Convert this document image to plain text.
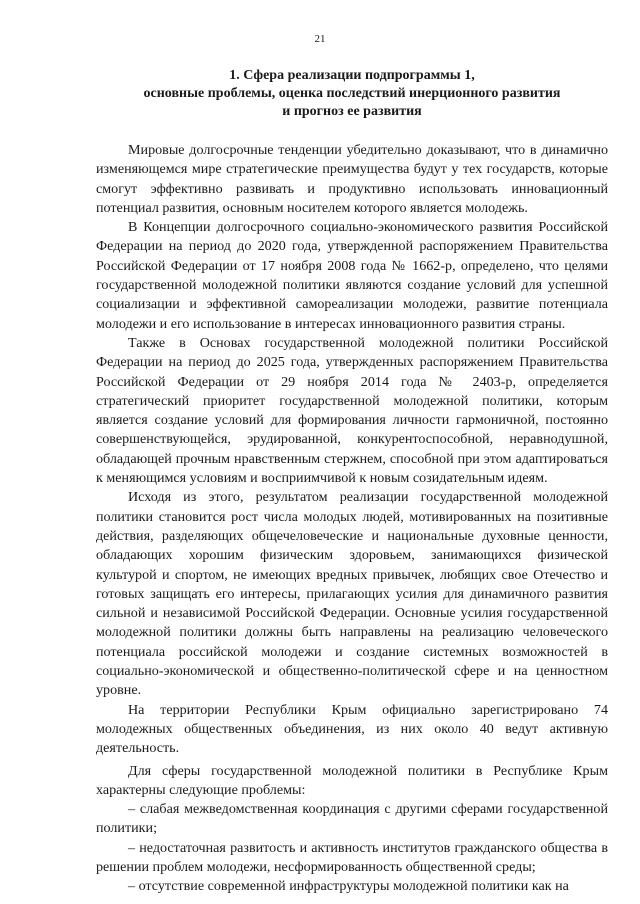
21
1. Сфера реализации подпрограммы 1,
основные проблемы, оценка последствий инерционного развития
и прогноз ее развития

Мировые долгосрочные тенденции убедительно доказывают, что в динамично изменяющемся мире стратегические преимущества будут у тех государств, которые смогут эффективно развивать и продуктивно использовать инновационный потенциал развития, основным носителем которого является молодежь.

В Концепции долгосрочного социально-экономического развития Российской Федерации на период до 2020 года, утвержденной распоряжением Правительства Российской Федерации от 17 ноября 2008 года № 1662-р, определено, что целями государственной молодежной политики являются создание условий для успешной социализации и эффективной самореализации молодежи, развитие потенциала молодежи и его использование в интересах инновационного развития страны.

Также в Основах государственной молодежной политики Российской Федерации на период до 2025 года, утвержденных распоряжением Правительства Российской Федерации от 29 ноября 2014 года № 2403-р, определяется стратегический приоритет государственной молодежной политики, которым является создание условий для формирования личности гармоничной, постоянно совершенствующейся, эрудированной, конкурентоспособной, неравнодушной, обладающей прочным нравственным стержнем, способной при этом адаптироваться к меняющимся условиям и восприимчивой к новым созидательным идеям.

Исходя из этого, результатом реализации государственной молодежной политики становится рост числа молодых людей, мотивированных на позитивные действия, разделяющих общечеловеческие и национальные духовные ценности, обладающих хорошим физическим здоровьем, занимающихся физической культурой и спортом, не имеющих вредных привычек, любящих свое Отечество и готовых защищать его интересы, прилагающих усилия для динамичного развития сильной и независимой Российской Федерации. Основные усилия государственной молодежной политики должны быть направлены на реализацию человеческого потенциала российской молодежи и создание системных возможностей в социально-экономической и общественно-политической сфере и на ценностном уровне.

На территории Республики Крым официально зарегистрировано 74 молодежных общественных объединения, из них около 40 ведут активную деятельность.

Для сферы государственной молодежной политики в Республике Крым характерны следующие проблемы:

– слабая межведомственная координация с другими сферами государственной политики;

– недостаточная развитость и активность институтов гражданского общества в решении проблем молодежи, несформированность общественной среды;

– отсутствие современной инфраструктуры молодежной политики как на
